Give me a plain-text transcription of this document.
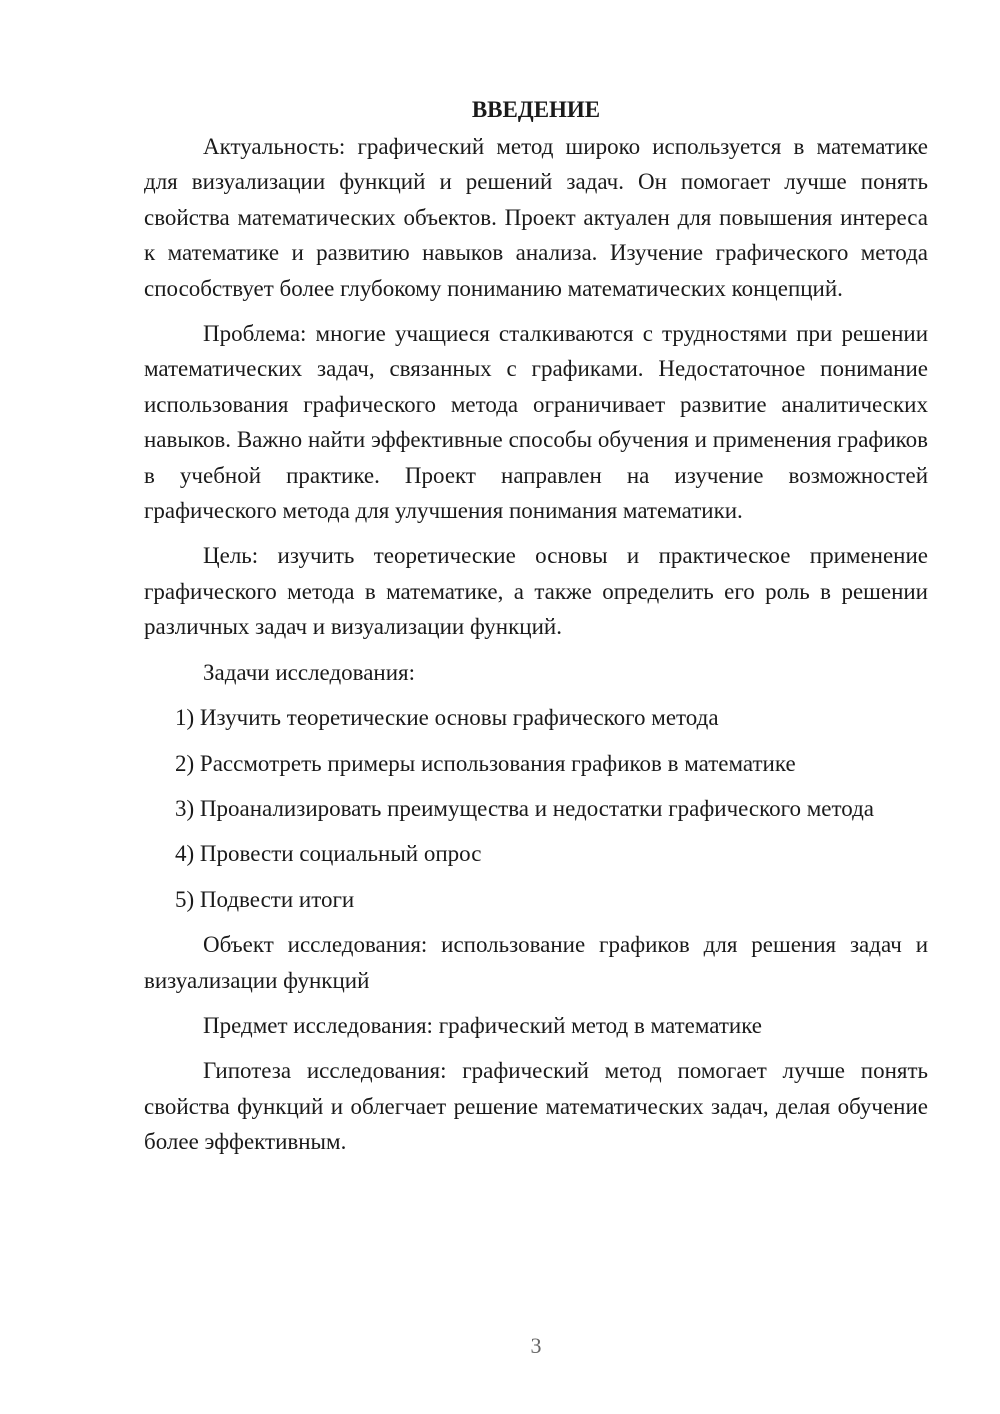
ВВЕДЕНИЕ

Актуальность: графический метод широко используется в математике для визуализации функций и решений задач. Он помогает лучше понять свойства математических объектов. Проект актуален для повышения интереса к математике и развитию навыков анализа. Изучение графического метода способствует более глубокому пониманию математических концепций.

Проблема: многие учащиеся сталкиваются с трудностями при решении математических задач, связанных с графиками. Недостаточное понимание использования графического метода ограничивает развитие аналитических навыков. Важно найти эффективные способы обучения и применения графиков в учебной практике. Проект направлен на изучение возможностей графического метода для улучшения понимания математики.

Цель: изучить теоретические основы и практическое применение графического метода в математике, а также определить его роль в решении различных задач и визуализации функций.

Задачи исследования:

1) Изучить теоретические основы графического метода

2) Рассмотреть примеры использования графиков в математике

3) Проанализировать преимущества и недостатки графического метода

4) Провести социальный опрос

5) Подвести итоги

Объект исследования: использование графиков для решения задач и визуализации функций

Предмет исследования: графический метод в математике

Гипотеза исследования: графический метод помогает лучше понять свойства функций и облегчает решение математических задач, делая обучение более эффективным.

3
